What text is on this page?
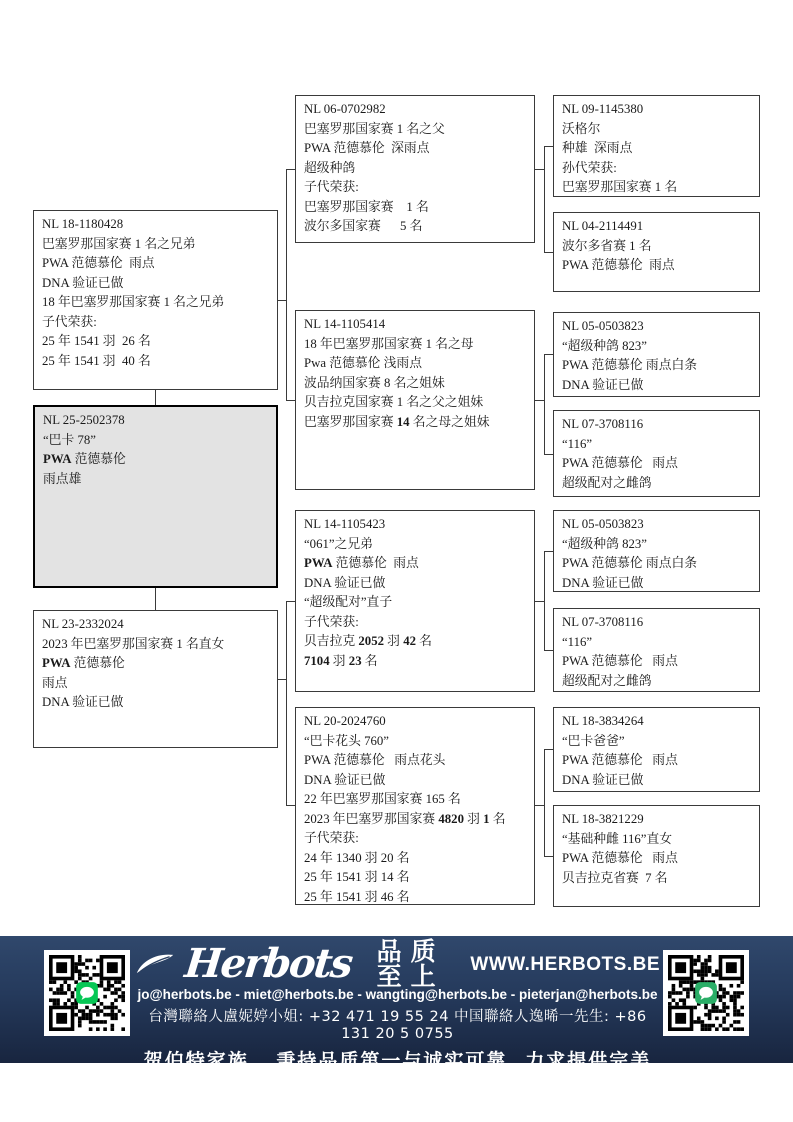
NL 06-0702982
巴塞罗那国家赛 1 名之父
PWA 范德慕伦  深雨点
超级种鸽
子代荣获:
巴塞罗那国家赛    1 名
波尔多国家赛      5 名
NL 09-1145380
沃格尔
种雄  深雨点
孙代荣获:
巴塞罗那国家赛 1 名
NL 04-2114491
波尔多省赛 1 名
PWA 范德慕伦  雨点
NL 18-1180428
巴塞罗那国家赛 1 名之兄弟
PWA 范德慕伦  雨点
DNA 验证已做
18 年巴塞罗那国家赛 1 名之兄弟
子代荣获:
25 年 1541 羽  26 名
25 年 1541 羽  40 名
NL 14-1105414
18 年巴塞罗那国家赛 1 名之母
Pwa 范德慕伦 浅雨点
波品纳国家赛 8 名之姐妹
贝吉拉克国家赛 1 名之父之姐妹
巴塞罗那国家赛 14 名之母之姐妹
NL 05-0503823
“超级种鸽 823”
PWA 范德慕伦 雨点白条
DNA 验证已做
NL 07-3708116
“116”
PWA 范德慕伦   雨点
超级配对之雌鸽
NL 25-2502378
“巴卡 78”
PWA 范德慕伦
雨点雄
NL 14-1105423
“061”之兄弟
PWA 范德慕伦  雨点
DNA 验证已做
“超级配对”直子
子代荣获:
贝吉拉克 2052 羽 42 名
7104 羽 23 名
NL 05-0503823
“超级种鸽 823”
PWA 范德慕伦 雨点白条
DNA 验证已做
NL 07-3708116
“116”
PWA 范德慕伦   雨点
超级配对之雌鸽
NL 23-2332024
2023 年巴塞罗那国家赛 1 名直女
PWA 范德慕伦
雨点
DNA 验证已做
NL 20-2024760
“巴卡花头 760”
PWA 范德慕伦   雨点花头
DNA 验证已做
22 年巴塞罗那国家赛 165 名
2023 年巴塞罗那国家赛 4820 羽 1 名
子代荣获:
24 年 1340 羽 20 名
25 年 1541 羽 14 名
25 年 1541 羽 46 名
NL 18-3834264
“巴卡爸爸”
PWA 范德慕伦   雨点
DNA 验证已做
NL 18-3821229
“基础种雌 116”直女
PWA 范德慕伦   雨点
贝吉拉克省赛  7 名
Herbots 品质至上	WWW.HERBOTS.BE
jo@herbots.be - miet@herbots.be - wangting@herbots.be - pieterjan@herbots.be
台灣聯絡人盧妮婷小姐: +32 471 19 55 24 中国聯絡人逸晞一先生: +86 131 20 5 0755
贺伯特家族...秉持品质第一与诚实可靠, 力求提供完美的服务!
